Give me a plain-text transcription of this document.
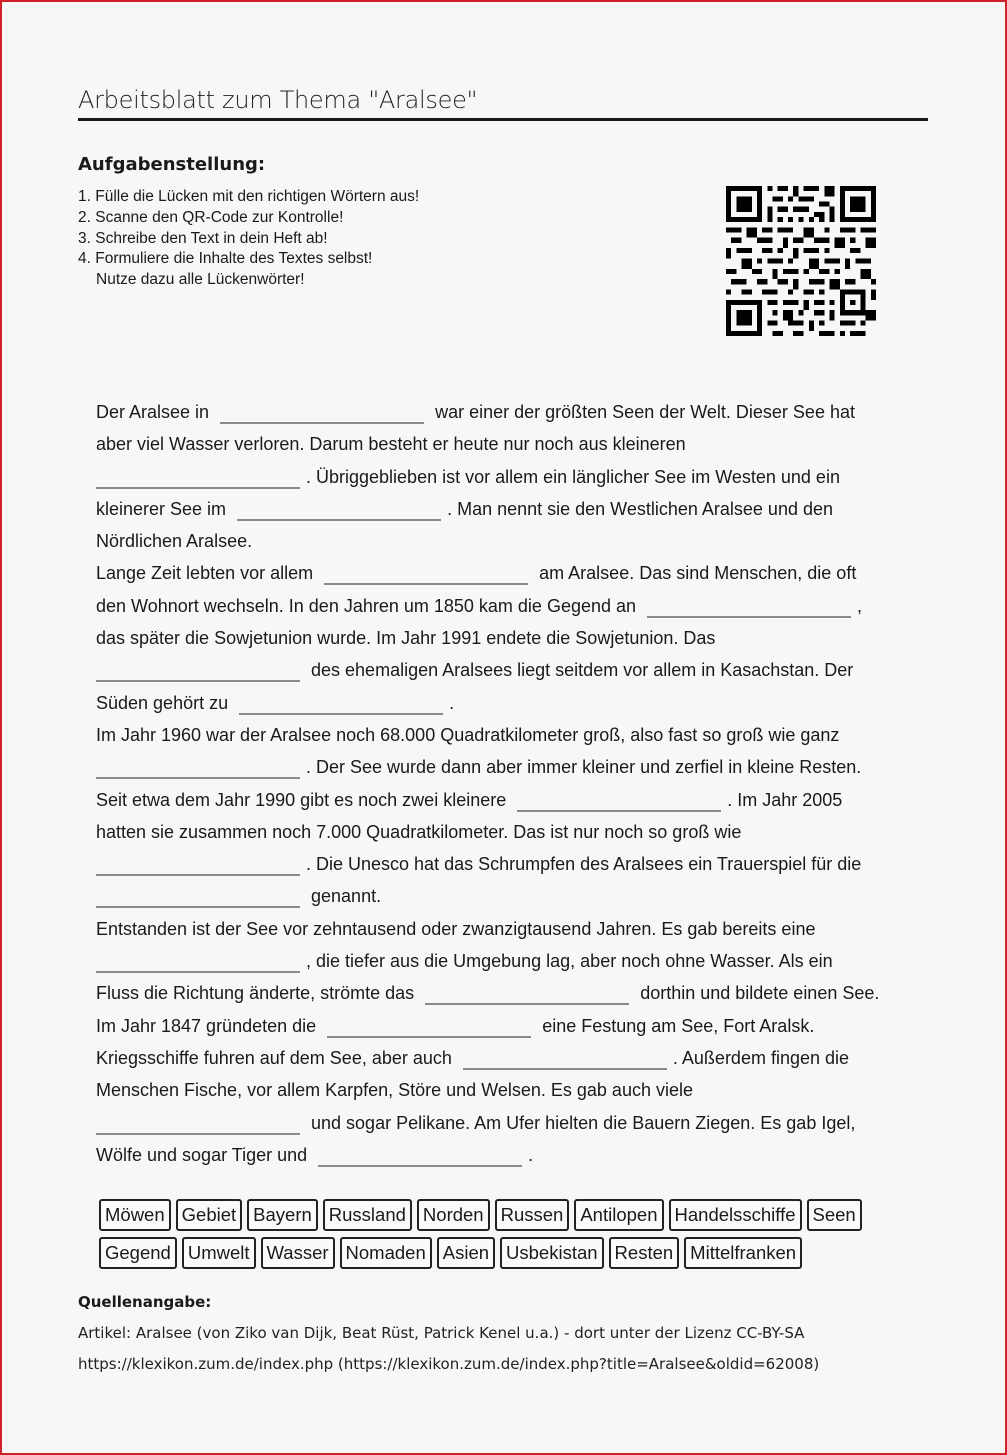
Arbeitsblatt zum Thema "Aralsee"
Aufgabenstellung:
1. Fülle die Lücken mit den richtigen Wörtern aus!
2. Scanne den QR-Code zur Kontrolle!
3. Schreibe den Text in dein Heft ab!
4. Formuliere die Inhalte des Textes selbst!
Nutze dazu alle Lückenwörter!
Der Aralsee in	war einer der größten Seen der Welt. Dieser See hat
aber viel Wasser verloren. Darum besteht er heute nur noch aus kleineren
. Übriggeblieben ist vor allem ein länglicher See im Westen und ein
kleinerer See im	. Man nennt sie den Westlichen Aralsee und den
Nördlichen Aralsee.
Lange Zeit lebten vor allem	am Aralsee. Das sind Menschen, die oft
den Wohnort wechseln. In den Jahren um 1850 kam die Gegend an	,
das später die Sowjetunion wurde. Im Jahr 1991 endete die Sowjetunion. Das
des ehemaligen Aralsees liegt seitdem vor allem in Kasachstan. Der
Süden gehört zu	.
Im Jahr 1960 war der Aralsee noch 68.000 Quadratkilometer groß, also fast so groß wie ganz
. Der See wurde dann aber immer kleiner und zerfiel in kleine Resten.
Seit etwa dem Jahr 1990 gibt es noch zwei kleinere	. Im Jahr 2005
hatten sie zusammen noch 7.000 Quadratkilometer. Das ist nur noch so groß wie
. Die Unesco hat das Schrumpfen des Aralsees ein Trauerspiel für die
genannt.
Entstanden ist der See vor zehntausend oder zwanzigtausend Jahren. Es gab bereits eine
, die tiefer aus die Umgebung lag, aber noch ohne Wasser. Als ein
Fluss die Richtung änderte, strömte das	dorthin und bildete einen See.
Im Jahr 1847 gründeten die	eine Festung am See, Fort Aralsk.
Kriegsschiffe fuhren auf dem See, aber auch	. Außerdem fingen die
Menschen Fische, vor allem Karpfen, Störe und Welsen. Es gab auch viele
und sogar Pelikane. Am Ufer hielten die Bauern Ziegen. Es gab Igel,
Wölfe und sogar Tiger und	.
Möwen Gebiet Bayern Russland Norden Russen Antilopen Handelsschiffe Seen
Gegend Umwelt Wasser Nomaden Asien Usbekistan Resten Mittelfranken
Quellenangabe:
Artikel: Aralsee (von Ziko van Dijk, Beat Rüst, Patrick Kenel u.a.) - dort unter der Lizenz CC-BY-SA
https://klexikon.zum.de/index.php (https://klexikon.zum.de/index.php?title=Aralsee&oldid=62008)
